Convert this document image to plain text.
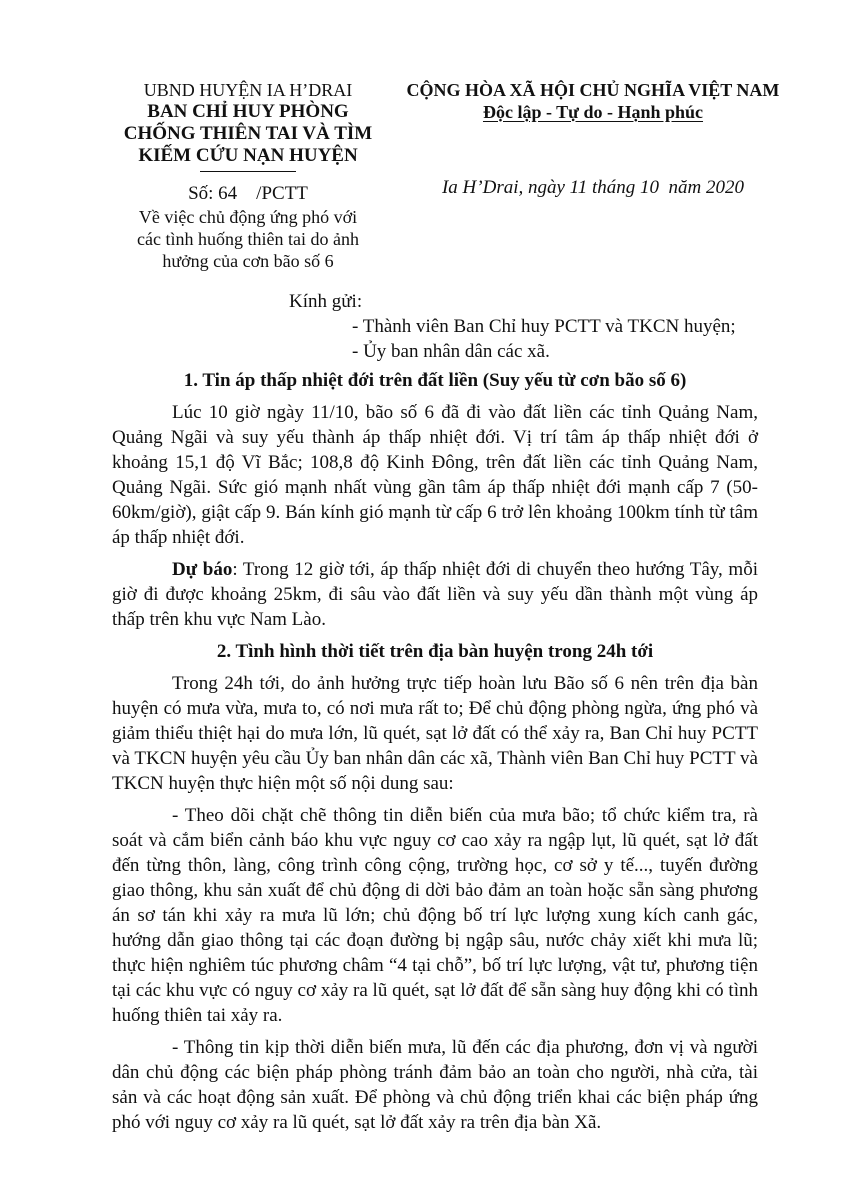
UBND HUYỆN IA H’DRAI
BAN CHỈ HUY PHÒNG
CHỐNG THIÊN TAI VÀ TÌM
KIẾM CỨU NẠN HUYỆN
Số: 64    /PCTT
Về việc chủ động ứng phó với
các tình huống thiên tai do ảnh
hưởng của cơn bão số 6
CỘNG HÒA XÃ HỘI CHỦ NGHĨA VIỆT NAM
Độc lập - Tự do - Hạnh phúc
Ia H’Drai, ngày 11 tháng 10  năm 2020
Kính gửi:
- Thành viên Ban Chỉ huy PCTT và TKCN huyện;
- Ủy ban nhân dân các xã.
1. Tin áp thấp nhiệt đới trên đất liền (Suy yếu từ cơn bão số 6)

Lúc 10 giờ ngày 11/10, bão số 6 đã đi vào đất liền các tỉnh Quảng Nam, Quảng Ngãi và suy yếu thành áp thấp nhiệt đới. Vị trí tâm áp thấp nhiệt đới ở khoảng 15,1 độ Vĩ Bắc; 108,8 độ Kinh Đông, trên đất liền các tỉnh Quảng Nam, Quảng Ngãi. Sức gió mạnh nhất vùng gần tâm áp thấp nhiệt đới mạnh cấp 7 (50-60km/giờ), giật cấp 9. Bán kính gió mạnh từ cấp 6 trở lên khoảng 100km tính từ tâm áp thấp nhiệt đới.

Dự báo: Trong 12 giờ tới, áp thấp nhiệt đới di chuyển theo hướng Tây, mỗi giờ đi được khoảng 25km, đi sâu vào đất liền và suy yếu dần thành một vùng áp thấp trên khu vực Nam Lào.

2. Tình hình thời tiết trên địa bàn huyện trong 24h tới

Trong 24h tới, do ảnh hưởng trực tiếp hoàn lưu Bão số 6 nên trên địa bàn huyện có mưa vừa, mưa to, có nơi mưa rất to; Để chủ động phòng ngừa, ứng phó và giảm thiểu thiệt hại do mưa lớn, lũ quét, sạt lở đất có thể xảy ra, Ban Chỉ huy PCTT và TKCN huyện yêu cầu Ủy ban nhân dân các xã, Thành viên Ban Chỉ huy PCTT và TKCN huyện thực hiện một số nội dung sau:

- Theo dõi chặt chẽ thông tin diễn biến của mưa bão; tổ chức kiểm tra, rà soát và cắm biển cảnh báo khu vực nguy cơ cao xảy ra ngập lụt, lũ quét, sạt lở đất đến từng thôn, làng, công trình công cộng, trường học, cơ sở y tế..., tuyến đường giao thông, khu sản xuất để chủ động di dời bảo đảm an toàn hoặc sẵn sàng phương án sơ tán khi xảy ra mưa lũ lớn; chủ động bố trí lực lượng xung kích canh gác, hướng dẫn giao thông tại các đoạn đường bị ngập sâu, nước chảy xiết khi mưa lũ; thực hiện nghiêm túc phương châm “4 tại chỗ”, bố trí lực lượng, vật tư, phương tiện tại các khu vực có nguy cơ xảy ra lũ quét, sạt lở đất để sẵn sàng huy động khi có tình huống thiên tai xảy ra.

- Thông tin kịp thời diễn biến mưa, lũ đến các địa phương, đơn vị và người dân chủ động các biện pháp phòng tránh đảm bảo an toàn cho người, nhà cửa, tài sản và các hoạt động sản xuất. Để phòng và chủ động triển khai các biện pháp ứng phó với nguy cơ xảy ra lũ quét, sạt lở đất xảy ra trên địa bàn Xã.
